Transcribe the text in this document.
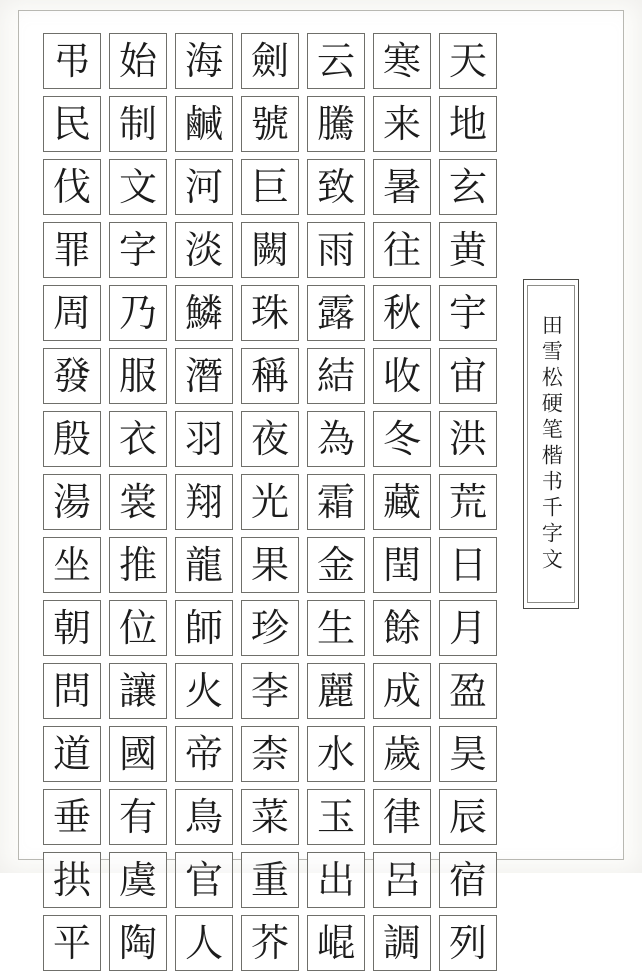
天
地
玄
黄
宇
宙
洪
荒
日
月
盈
昊
辰
宿
列
寒
来
暑
往
秋
收
冬
藏
閏
餘
成
歲
律
呂
調
云
騰
致
雨
露
結
為
霜
金
生
麗
水
玉
出
崐
劍
號
巨
闕
珠
稱
夜
光
果
珍
李
柰
菜
重
芥
海
鹹
河
淡
鱗
潛
羽
翔
龍
師
火
帝
鳥
官
人
始
制
文
字
乃
服
衣
裳
推
位
讓
國
有
虞
陶
弔
民
伐
罪
周
發
殷
湯
坐
朝
問
道
垂
拱
平
田雪松硬笔楷书千字文
